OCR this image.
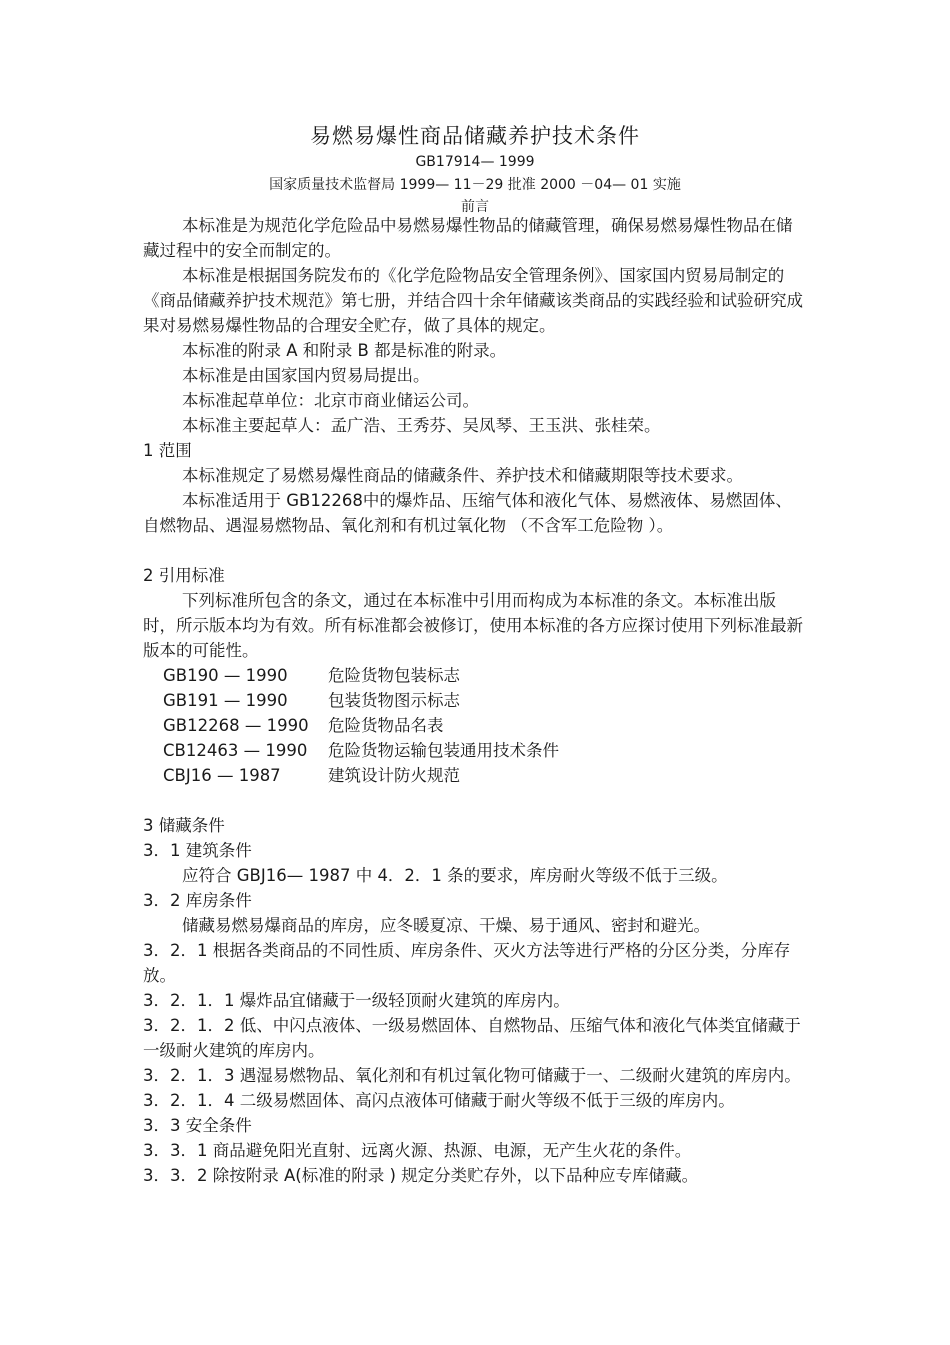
易燃易爆性商品储藏养护技术条件
GB17914— 1999
国家质量技术监督局 1999— 11－29 批准 2000 －04— 01 实施
前言

本标准是为规范化学危险品中易燃易爆性物品的储藏管理，确保易燃易爆性物品在储藏过程中的安全而制定的。

本标准是根据国务院发布的《化学危险物品安全管理条例》、国家国内贸易局制定的《商品储藏养护技术规范》第七册，并结合四十余年储藏该类商品的实践经验和试验研究成果对易燃易爆性物品的合理安全贮存，做了具体的规定。

本标准的附录 A 和附录 B 都是标准的附录。

本标准是由国家国内贸易局提出。

本标准起草单位：北京市商业储运公司。

本标准主要起草人：孟广浩、王秀芬、吴凤琴、王玉洪、张桂荣。

1 范围

本标准规定了易燃易爆性商品的储藏条件、养护技术和储藏期限等技术要求。

本标准适用于 GB12268中的爆炸品、压缩气体和液化气体、易燃液体、易燃固体、自燃物品、遇湿易燃物品、氧化剂和有机过氧化物 （不含军工危险物 ）。

2 引用标准

下列标准所包含的条文，通过在本标准中引用而构成为本标准的条文。本标准出版时，所示版本均为有效。所有标准都会被修订，使用本标准的各方应探讨使用下列标准最新版本的可能性。

GB190 — 1990 危险货物包装标志

GB191 — 1990 包装货物图示标志

GB12268 — 1990 危险货物品名表

CB12463 — 1990 危险货物运输包装通用技术条件

CBJ16 — 1987	建筑设计防火规范

3 储藏条件

3．1 建筑条件

应符合 GBJ16— 1987 中 4．2．1 条的要求，库房耐火等级不低于三级。

3．2 库房条件

储藏易燃易爆商品的库房，应冬暖夏凉、干燥、易于通风、密封和避光。

3．2．1 根据各类商品的不同性质、库房条件、灭火方法等进行严格的分区分类，分库存放。

3．2．1．1 爆炸品宜储藏于一级轻顶耐火建筑的库房内。

3．2．1．2 低、中闪点液体、一级易燃固体、自燃物品、压缩气体和液化气体类宜储藏于一级耐火建筑的库房内。

3．2．1．3 遇湿易燃物品、氧化剂和有机过氧化物可储藏于一、二级耐火建筑的库房内。

3．2．1．4 二级易燃固体、高闪点液体可储藏于耐火等级不低于三级的库房内。

3．3 安全条件

3．3．1 商品避免阳光直射、远离火源、热源、电源，无产生火花的条件。

3．3．2 除按附录 A(标准的附录 ) 规定分类贮存外，以下品种应专库储藏。
